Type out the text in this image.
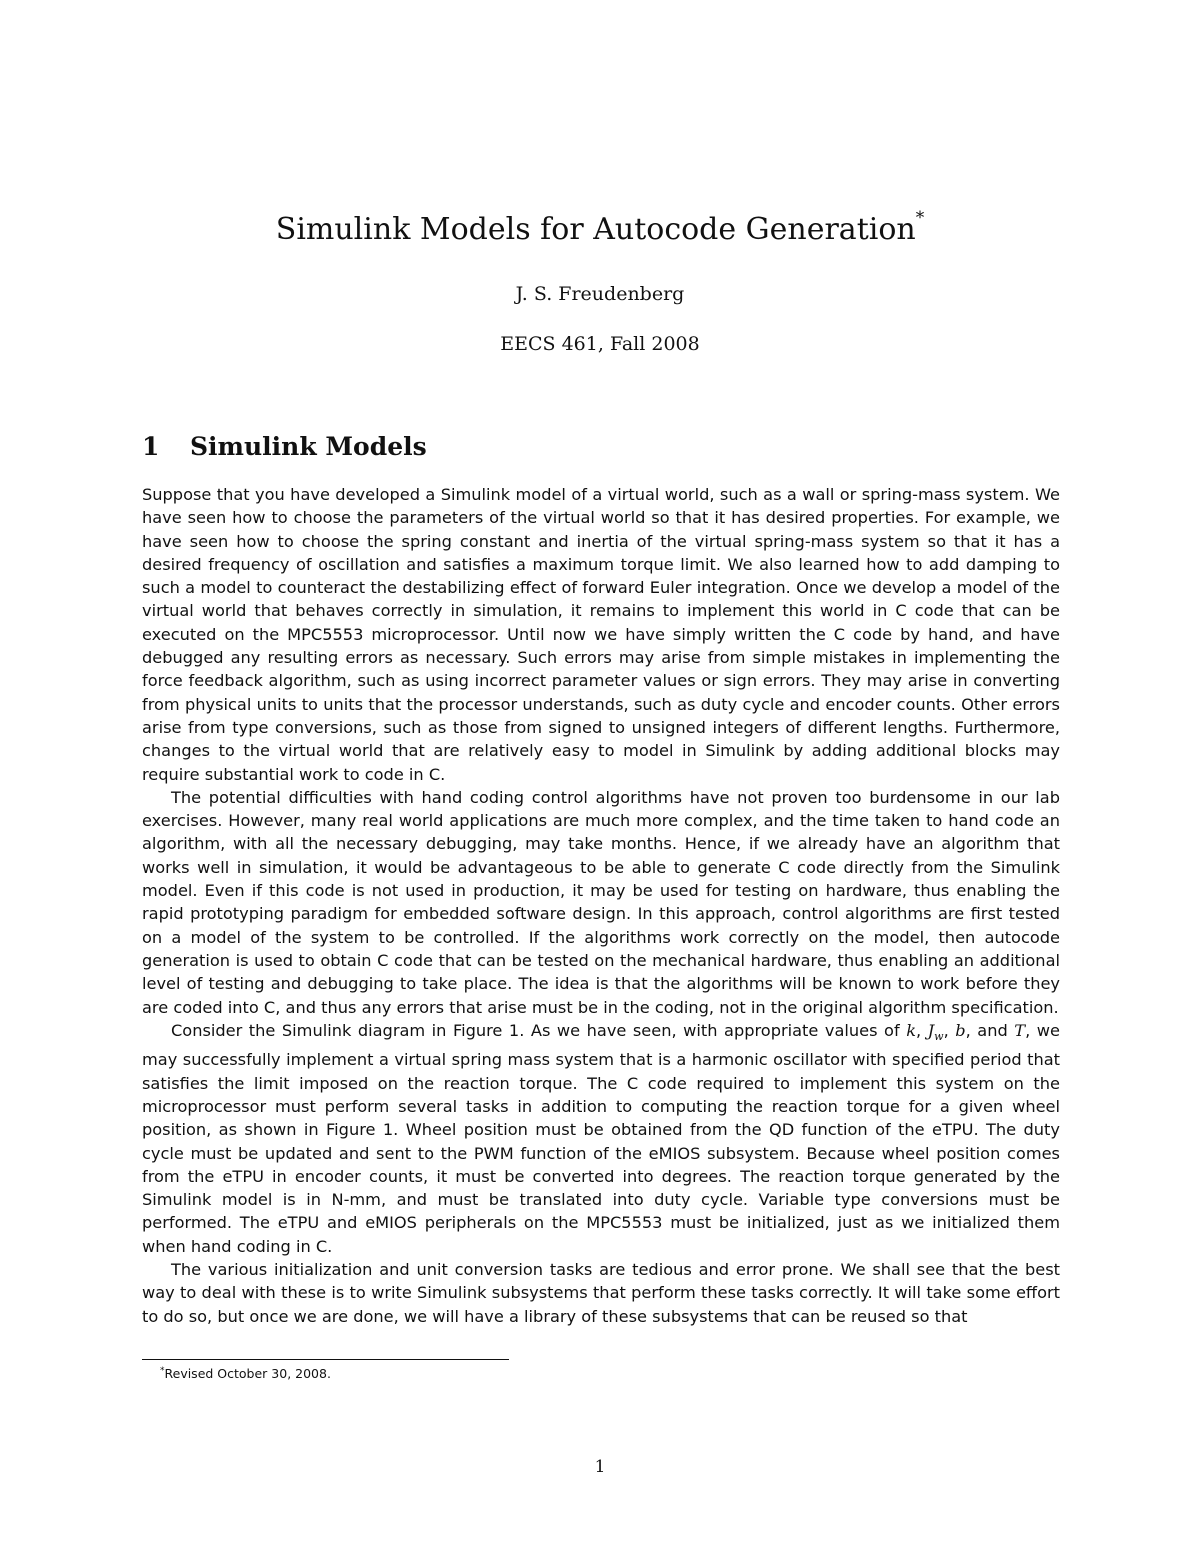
Simulink Models for Autocode Generation*
J. S. Freudenberg
EECS 461, Fall 2008
1 Simulink Models

Suppose that you have developed a Simulink model of a virtual world, such as a wall or spring-mass system. We have seen how to choose the parameters of the virtual world so that it has desired properties. For example, we have seen how to choose the spring constant and inertia of the virtual spring-mass system so that it has a desired frequency of oscillation and satisfies a maximum torque limit. We also learned how to add damping to such a model to counteract the destabilizing effect of forward Euler integration. Once we develop a model of the virtual world that behaves correctly in simulation, it remains to implement this world in C code that can be executed on the MPC5553 microprocessor. Until now we have simply written the C code by hand, and have debugged any resulting errors as necessary. Such errors may arise from simple mistakes in implementing the force feedback algorithm, such as using incorrect parameter values or sign errors. They may arise in converting from physical units to units that the processor understands, such as duty cycle and encoder counts. Other errors arise from type conversions, such as those from signed to unsigned integers of different lengths. Furthermore, changes to the virtual world that are relatively easy to model in Simulink by adding additional blocks may require substantial work to code in C.

The potential difficulties with hand coding control algorithms have not proven too burdensome in our lab exercises. However, many real world applications are much more complex, and the time taken to hand code an algorithm, with all the necessary debugging, may take months. Hence, if we already have an algorithm that works well in simulation, it would be advantageous to be able to generate C code directly from the Simulink model. Even if this code is not used in production, it may be used for testing on hardware, thus enabling the rapid prototyping paradigm for embedded software design. In this approach, control algorithms are first tested on a model of the system to be controlled. If the algorithms work correctly on the model, then autocode generation is used to obtain C code that can be tested on the mechanical hardware, thus enabling an additional level of testing and debugging to take place. The idea is that the algorithms will be known to work before they are coded into C, and thus any errors that arise must be in the coding, not in the original algorithm specification.

Consider the Simulink diagram in Figure 1. As we have seen, with appropriate values of k, $J_w$, b, and T, we may successfully implement a virtual spring mass system that is a harmonic oscillator with specified period that satisfies the limit imposed on the reaction torque. The C code required to implement this system on the microprocessor must perform several tasks in addition to computing the reaction torque for a given wheel position, as shown in Figure 1. Wheel position must be obtained from the QD function of the eTPU. The duty cycle must be updated and sent to the PWM function of the eMIOS subsystem. Because wheel position comes from the eTPU in encoder counts, it must be converted into degrees. The reaction torque generated by the Simulink model is in N-mm, and must be translated into duty cycle. Variable type conversions must be performed. The eTPU and eMIOS peripherals on the MPC5553 must be initialized, just as we initialized them when hand coding in C.

The various initialization and unit conversion tasks are tedious and error prone. We shall see that the best way to deal with these is to write Simulink subsystems that perform these tasks correctly. It will take some effort to do so, but once we are done, we will have a library of these subsystems that can be reused so that

*Revised October 30, 2008.
1
